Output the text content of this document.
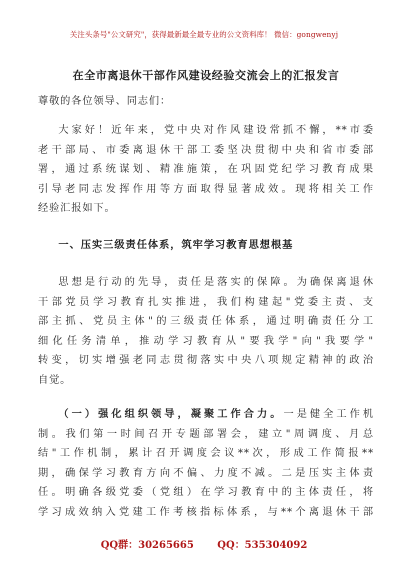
关注头条号"公文研究"，获得最新最全最专业的公文资料库！ 微信：gongwenyj
在全市离退休干部作风建设经验交流会上的汇报发言
尊敬的各位领导、同志们：
大家好！近年来，党中央对作风建设常抓不懈，**市委
老干部局、市委离退休干部工委坚决贯彻中央和省市委部
署，通过系统谋划、精准施策，在巩固党纪学习教育成果
引导老同志发挥作用等方面取得显著成效。现将相关工作
经验汇报如下。
一、压实三级责任体系，筑牢学习教育思想根基
思想是行动的先导，责任是落实的保障。为确保离退休
干部党员学习教育扎实推进，我们构建起"党委主责、支
部主抓、党员主体"的三级责任体系，通过明确责任分工
细化任务清单，推动学习教育从"要我学"向"我要学"
转变，切实增强老同志贯彻落实中央八项规定精神的政治
自觉。
（一）强化组织领导，凝聚工作合力。一是健全工作机
制。我们第一时间召开专题部署会，建立"周调度、月总
结"工作机制，累计召开调度会议**次，形成工作简报**
期，确保学习教育方向不偏、力度不减。二是压实主体责
任。明确各级党委（党组）在学习教育中的主体责任，将
学习成效纳入党建工作考核指标体系，与**个离退休干部
QQ群：30265665 QQ：535304092
